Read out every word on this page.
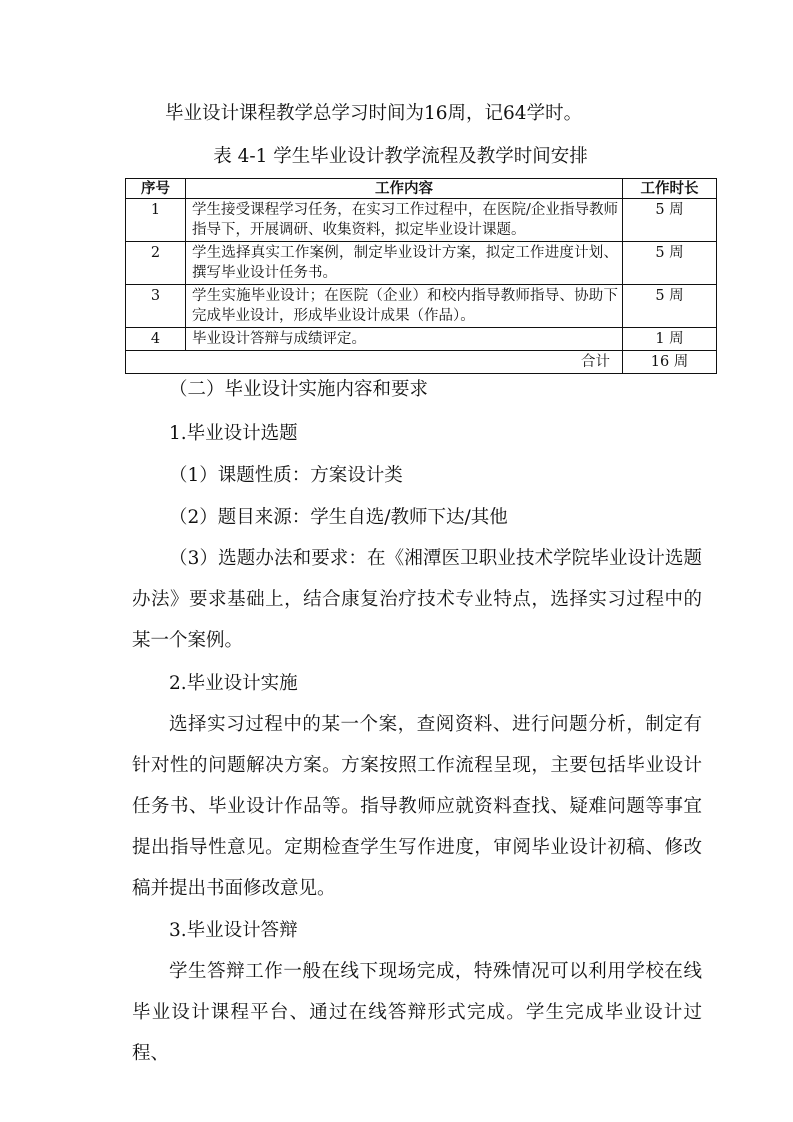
毕业设计课程教学总学习时间为16周，记64学时。
表 4-1 学生毕业设计教学流程及教学时间安排
序号	工作内容	工作时长
1	学生接受课程学习任务，在实习工作过程中，在医院/企业指导教师指导下，开展调研、收集资料，拟定毕业设计课题。	5 周
2	学生选择真实工作案例，制定毕业设计方案，拟定工作进度计划、撰写毕业设计任务书。	5 周
3	学生实施毕业设计；在医院（企业）和校内指导教师指导、协助下完成毕业设计，形成毕业设计成果（作品）。	5 周
4	毕业设计答辩与成绩评定。	1 周
合计		16 周
（二）毕业设计实施内容和要求
1.毕业设计选题
（1）课题性质：方案设计类
（2）题目来源：学生自选/教师下达/其他
（3）选题办法和要求：在《湘潭医卫职业技术学院毕业设计选题办法》要求基础上，结合康复治疗技术专业特点，选择实习过程中的某一个案例。
2.毕业设计实施
选择实习过程中的某一个案，查阅资料、进行问题分析，制定有针对性的问题解决方案。方案按照工作流程呈现，主要包括毕业设计任务书、毕业设计作品等。指导教师应就资料查找、疑难问题等事宜提出指导性意见。定期检查学生写作进度，审阅毕业设计初稿、修改稿并提出书面修改意见。
3.毕业设计答辩
学生答辩工作一般在线下现场完成，特殊情况可以利用学校在线毕业设计课程平台、通过在线答辩形式完成。学生完成毕业设计过程、
